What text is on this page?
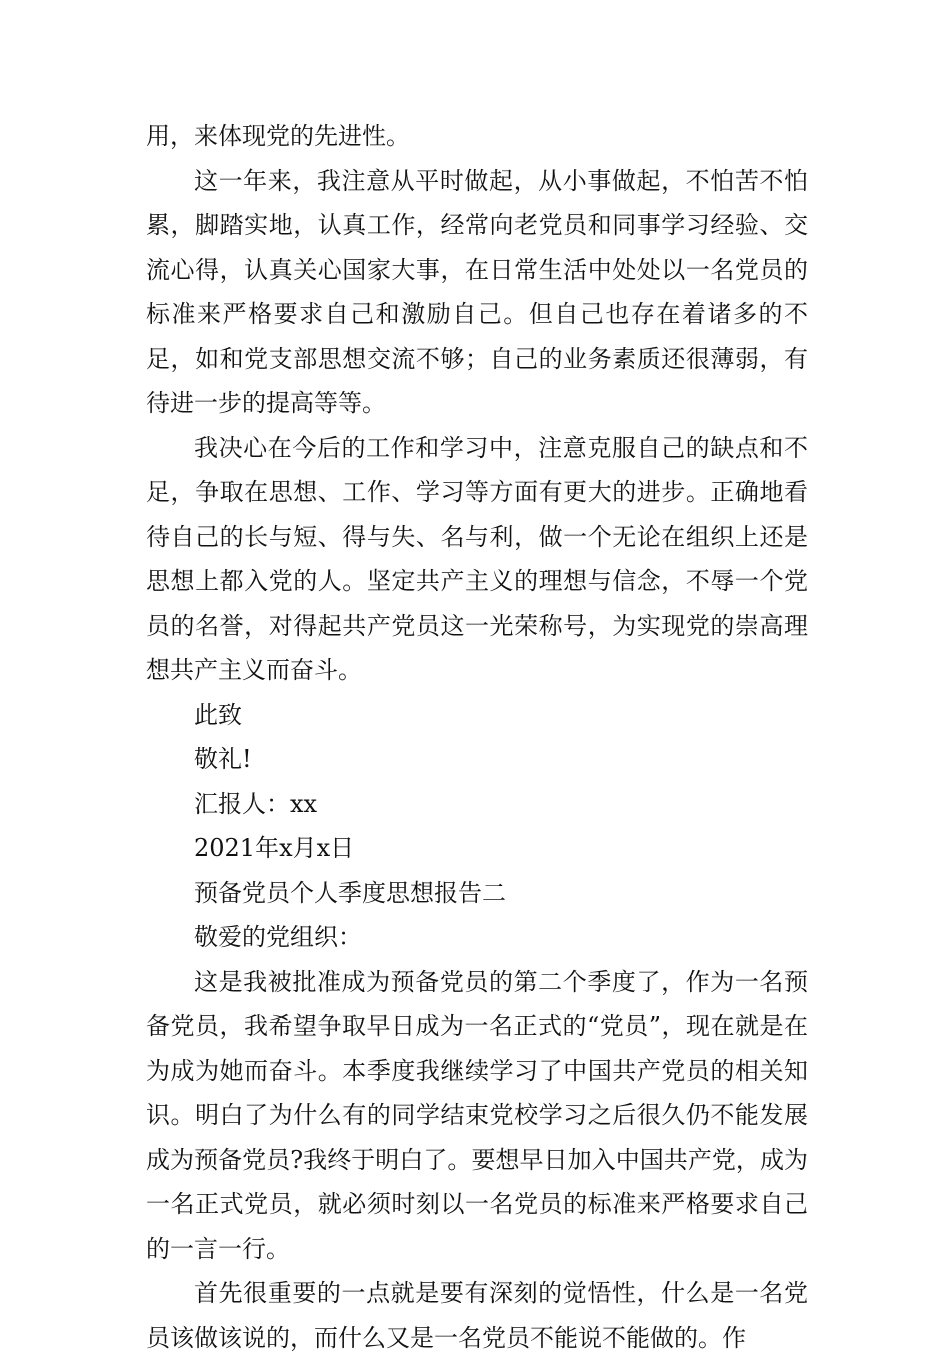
用，来体现党的先进性。

这一年来，我注意从平时做起，从小事做起，不怕苦不怕累，脚踏实地，认真工作，经常向老党员和同事学习经验、交流心得，认真关心国家大事，在日常生活中处处以一名党员的标准来严格要求自己和激励自己。但自己也存在着诸多的不足，如和党支部思想交流不够；自己的业务素质还很薄弱，有待进一步的提高等等。

我决心在今后的工作和学习中，注意克服自己的缺点和不足，争取在思想、工作、学习等方面有更大的进步。正确地看待自己的长与短、得与失、名与利，做一个无论在组织上还是思想上都入党的人。坚定共产主义的理想与信念，不辱一个党员的名誉，对得起共产党员这一光荣称号，为实现党的崇高理想共产主义而奋斗。

此致

敬礼!

汇报人：xx

2021年x月x日

预备党员个人季度思想报告二

敬爱的党组织：

这是我被批准成为预备党员的第二个季度了，作为一名预备党员，我希望争取早日成为一名正式的“党员”，现在就是在为成为她而奋斗。本季度我继续学习了中国共产党员的相关知识。明白了为什么有的同学结束党校学习之后很久仍不能发展成为预备党员?我终于明白了。要想早日加入中国共产党，成为一名正式党员，就必须时刻以一名党员的标准来严格要求自己的一言一行。

首先很重要的一点就是要有深刻的觉悟性，什么是一名党员该做该说的，而什么又是一名党员不能说不能做的。作
